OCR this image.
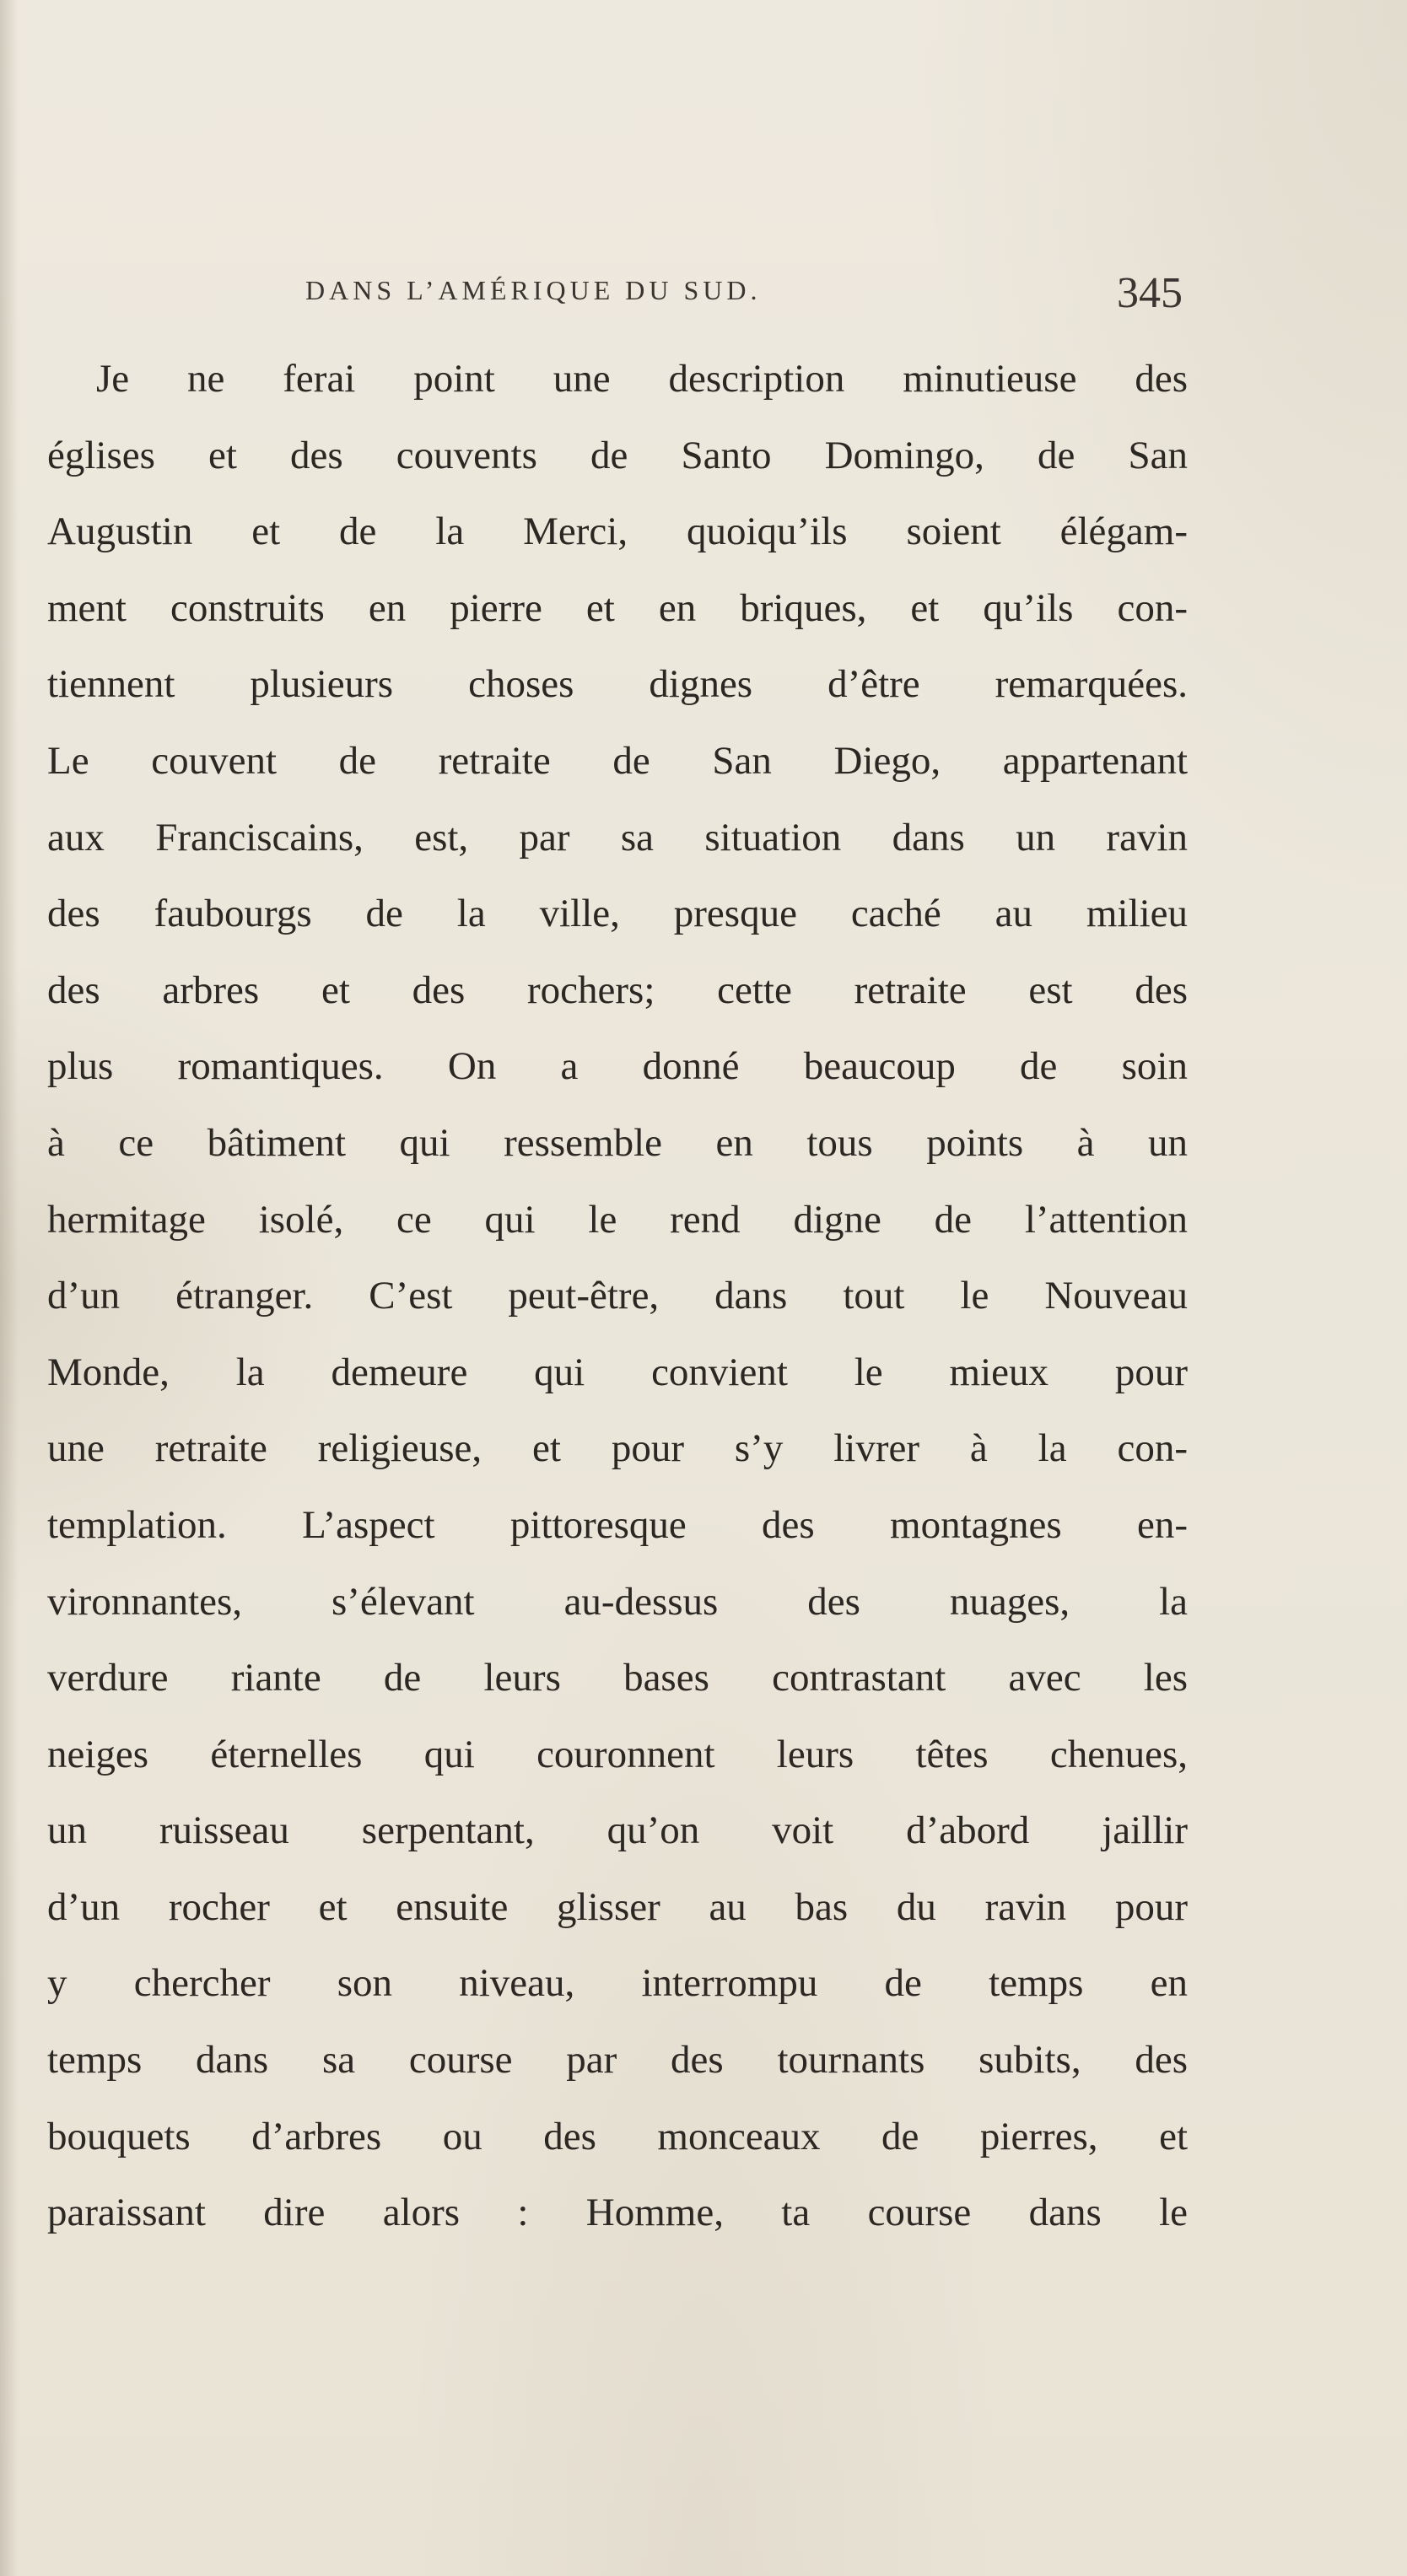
DANS L’AMÉRIQUE DU SUD.	345
Je ne ferai point une description minutieuse des
églises et des couvents de Santo Domingo, de San
Augustin et de la Merci, quoiqu’ils soient élégam-
ment construits en pierre et en briques, et qu’ils con-
tiennent plusieurs choses dignes d’être remarquées.
Le couvent de retraite de San Diego, appartenant
aux Franciscains, est, par sa situation dans un ravin
des faubourgs de la ville, presque caché au milieu
des arbres et des rochers; cette retraite est des
plus romantiques. On a donné beaucoup de soin
à ce bâtiment qui ressemble en tous points à un
hermitage isolé, ce qui le rend digne de l’attention
d’un étranger. C’est peut-être, dans tout le Nouveau
Monde, la demeure qui convient le mieux pour
une retraite religieuse, et pour s’y livrer à la con-
templation. L’aspect pittoresque des montagnes en-
vironnantes, s’élevant au-dessus des nuages, la
verdure riante de leurs bases contrastant avec les
neiges éternelles qui couronnent leurs têtes chenues,
un ruisseau serpentant, qu’on voit d’abord jaillir
d’un rocher et ensuite glisser au bas du ravin pour
y chercher son niveau, interrompu de temps en
temps dans sa course par des tournants subits, des
bouquets d’arbres ou des monceaux de pierres, et
paraissant dire alors : Homme, ta course dans le
